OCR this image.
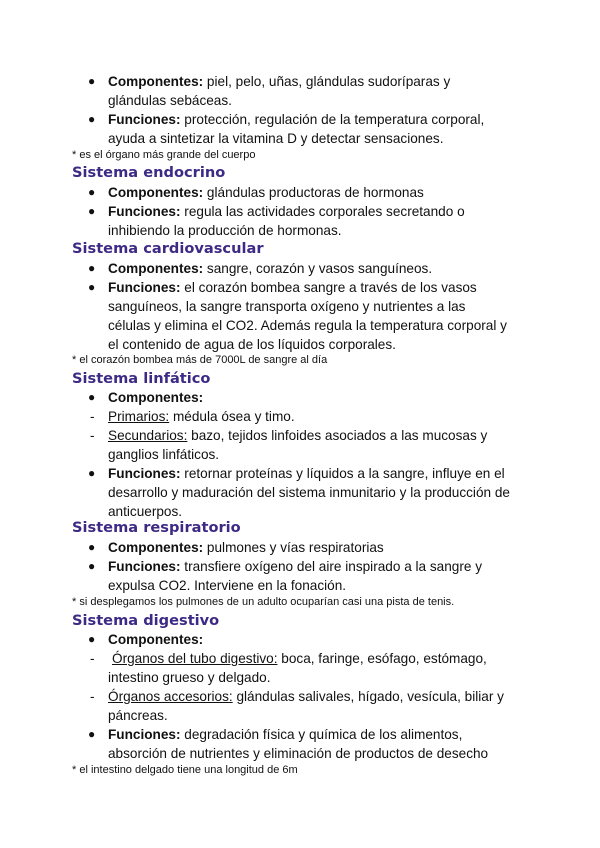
● Componentes: piel, pelo, uñas, glándulas sudoríparas y
glándulas sebáceas.
● Funciones: protección, regulación de la temperatura corporal,
ayuda a sintetizar la vitamina D y detectar sensaciones.
* es el órgano más grande del cuerpo
Sistema endocrino
● Componentes: glándulas productoras de hormonas
● Funciones: regula las actividades corporales secretando o
inhibiendo la producción de hormonas.
Sistema cardiovascular
● Componentes: sangre, corazón y vasos sanguíneos.
● Funciones: el corazón bombea sangre a través de los vasos
sanguíneos, la sangre transporta oxígeno y nutrientes a las
células y elimina el CO2. Además regula la temperatura corporal y
el contenido de agua de los líquidos corporales.
* el corazón bombea más de 7000L de sangre al día
Sistema linfático
● Componentes:
- Primarios: médula ósea y timo.
- Secundarios: bazo, tejidos linfoides asociados a las mucosas y
ganglios linfáticos.
● Funciones: retornar proteínas y líquidos a la sangre, influye en el
desarrollo y maduración del sistema inmunitario y la producción de
anticuerpos.
Sistema respiratorio
● Componentes: pulmones y vías respiratorias
● Funciones: transfiere oxígeno del aire inspirado a la sangre y
expulsa CO2. Interviene en la fonación.
* si desplegamos los pulmones de un adulto ocuparían casi una pista de tenis.
Sistema digestivo
● Componentes:
- Órganos del tubo digestivo: boca, faringe, esófago, estómago,
intestino grueso y delgado.
- Órganos accesorios: glándulas salivales, hígado, vesícula, biliar y
páncreas.
● Funciones: degradación física y química de los alimentos,
absorción de nutrientes y eliminación de productos de desecho
* el intestino delgado tiene una longitud de 6m
